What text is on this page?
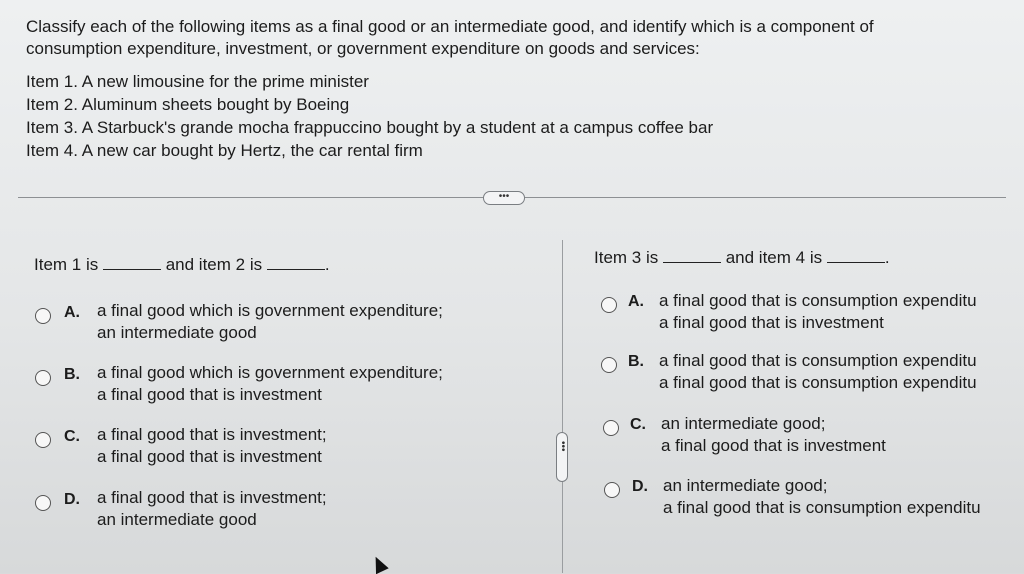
Classify each of the following items as a final good or an intermediate good, and identify which is a component of
consumption expenditure, investment, or government expenditure on goods and services:
Item 1. A new limousine for the prime minister
Item 2. Aluminum sheets bought by Boeing
Item 3. A Starbuck's grande mocha frappuccino bought by a student at a campus coffee bar
Item 4. A new car bought by Hertz, the car rental firm
•••
Item 1 is	and item 2 is	.
A. a final good which is government expenditure;
an intermediate good
B. a final good which is government expenditure;
a final good that is investment
C. a final good that is investment;
a final good that is investment
D. a final good that is investment;
an intermediate good
•••
Item 3 is	and item 4 is	.
A. a final good that is consumption expenditu
a final good that is investment
B. a final good that is consumption expenditu
a final good that is consumption expenditu
C. an intermediate good;
a final good that is investment
D. an intermediate good;
a final good that is consumption expenditu
